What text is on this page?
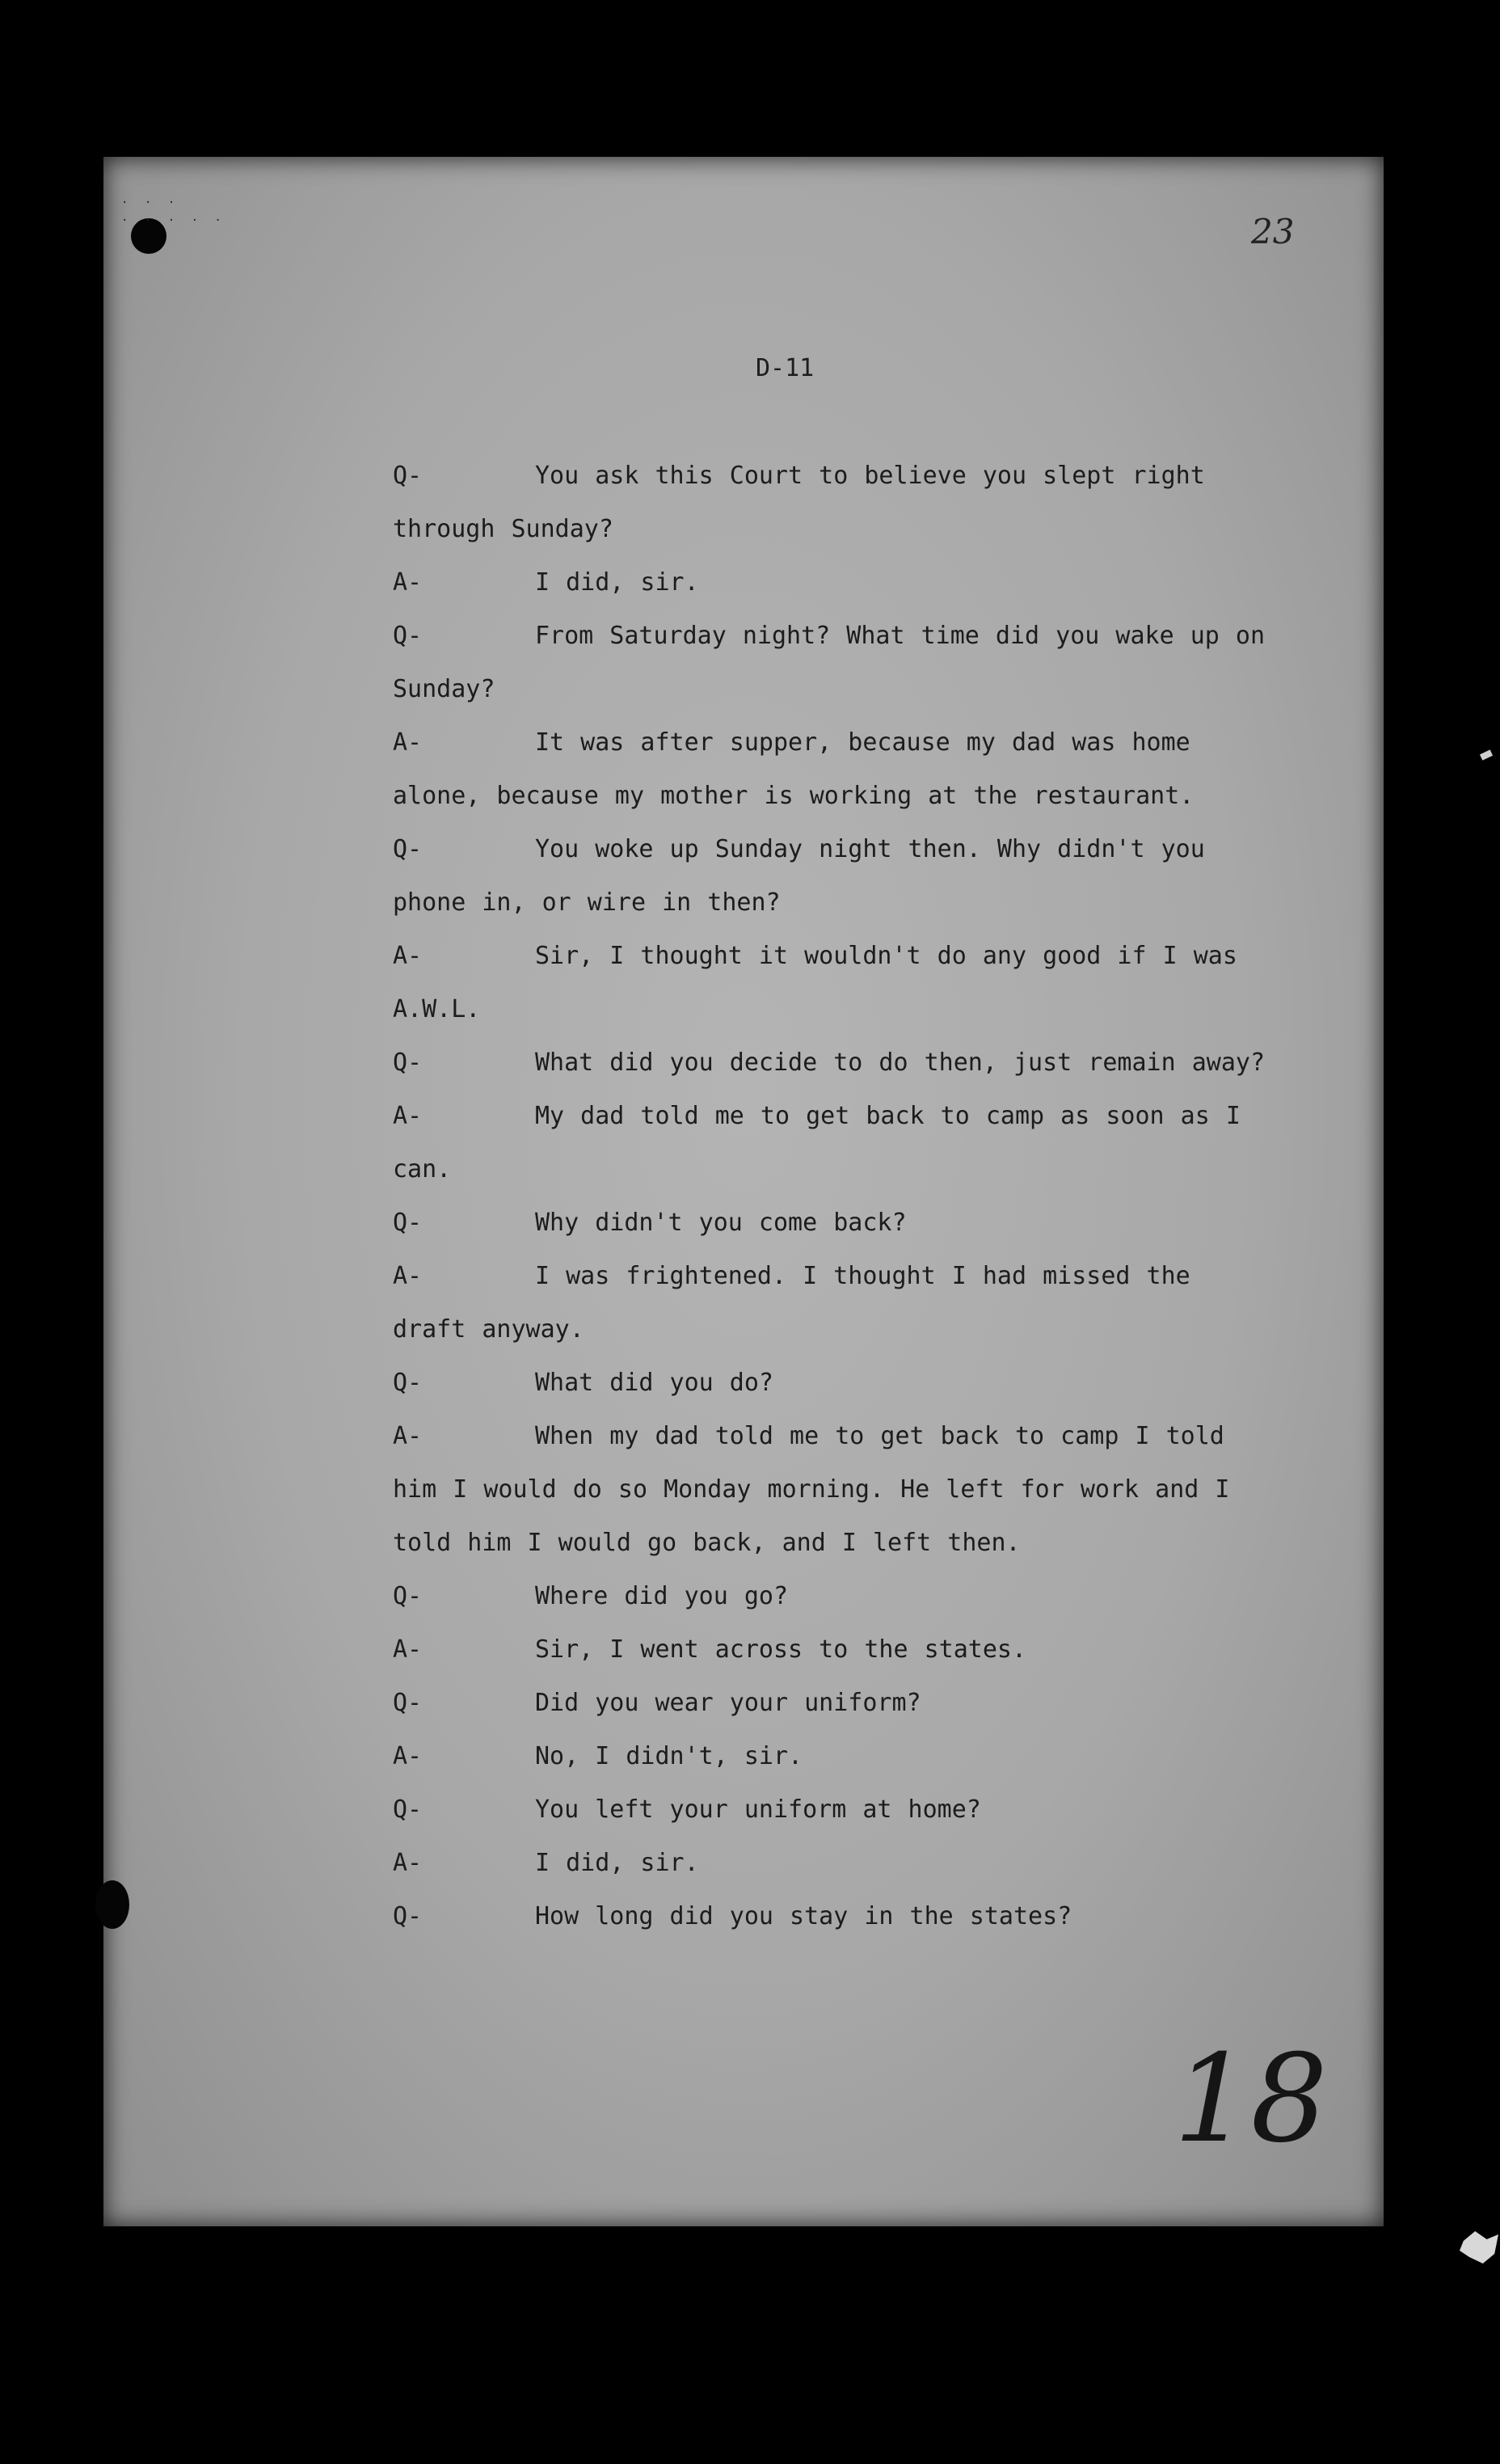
· · ·
· · · · ·	23
D-11
Q-	You ask this Court to believe you slept right through Sunday?
A-	I did, sir.
Q-	From Saturday night? What time did you wake up on Sunday?
A-	It was after supper, because my dad was home alone, because my mother is working at the restaurant.
Q-	You woke up Sunday night then. Why didn't you phone in, or wire in then?
A-	Sir, I thought it wouldn't do any good if I was A.W.L.
Q-	What did you decide to do then, just remain away?
A-	My dad told me to get back to camp as soon as I can.
Q-	Why didn't you come back?
A-	I was frightened. I thought I had missed the draft anyway.
Q-	What did you do?
A-	When my dad told me to get back to camp I told him I would do so Monday morning. He left for work and I told him I would go back, and I left then.
Q-	Where did you go?
A-	Sir, I went across to the states.
Q-	Did you wear your uniform?
A-	No, I didn't, sir.
Q-	You left your uniform at home?
A-	I did, sir.
Q-	How long did you stay in the states?
18
